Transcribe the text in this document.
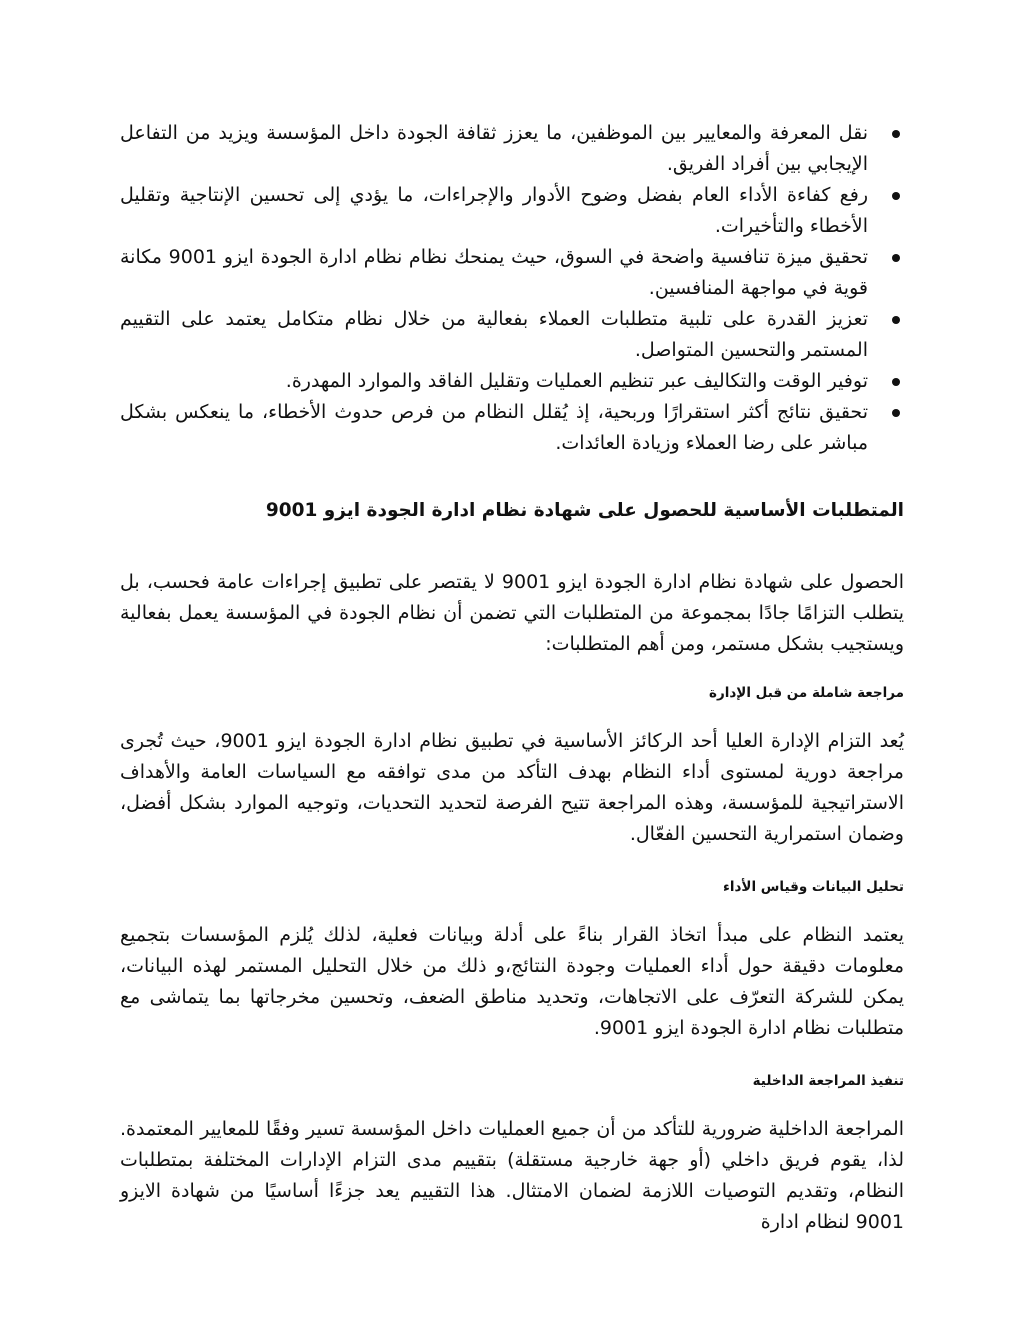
نقل المعرفة والمعايير بين الموظفين، ما يعزز ثقافة الجودة داخل المؤسسة ويزيد من التفاعل الإيجابي بين أفراد الفريق.
رفع كفاءة الأداء العام بفضل وضوح الأدوار والإجراءات، ما يؤدي إلى تحسين الإنتاجية وتقليل الأخطاء والتأخيرات.
تحقيق ميزة تنافسية واضحة في السوق، حيث يمنحك نظام نظام ادارة الجودة ايزو 9001 مكانة قوية في مواجهة المنافسين.
تعزيز القدرة على تلبية متطلبات العملاء بفعالية من خلال نظام متكامل يعتمد على التقييم المستمر والتحسين المتواصل.
توفير الوقت والتكاليف عبر تنظيم العمليات وتقليل الفاقد والموارد المهدرة.
تحقيق نتائج أكثر استقرارًا وربحية، إذ يُقلل النظام من فرص حدوث الأخطاء، ما ينعكس بشكل مباشر على رضا العملاء وزيادة العائدات.
المتطلبات الأساسية للحصول على شهادة نظام ادارة الجودة ايزو 9001

الحصول على شهادة نظام ادارة الجودة ايزو 9001 لا يقتصر على تطبيق إجراءات عامة فحسب، بل يتطلب التزامًا جادًا بمجموعة من المتطلبات التي تضمن أن نظام الجودة في المؤسسة يعمل بفعالية ويستجيب بشكل مستمر، ومن أهم المتطلبات:

مراجعة شاملة من قبل الإدارة

يُعد التزام الإدارة العليا أحد الركائز الأساسية في تطبيق نظام ادارة الجودة ايزو 9001، حيث تُجرى مراجعة دورية لمستوى أداء النظام بهدف التأكد من مدى توافقه مع السياسات العامة والأهداف الاستراتيجية للمؤسسة، وهذه المراجعة تتيح الفرصة لتحديد التحديات، وتوجيه الموارد بشكل أفضل، وضمان استمرارية التحسين الفعّال.

تحليل البيانات وقياس الأداء

يعتمد النظام على مبدأ اتخاذ القرار بناءً على أدلة وبيانات فعلية، لذلك يُلزم المؤسسات بتجميع معلومات دقيقة حول أداء العمليات وجودة النتائج،و ذلك من خلال التحليل المستمر لهذه البيانات، يمكن للشركة التعرّف على الاتجاهات، وتحديد مناطق الضعف، وتحسين مخرجاتها بما يتماشى مع متطلبات نظام ادارة الجودة ايزو 9001.

تنفيذ المراجعة الداخلية

المراجعة الداخلية ضرورية للتأكد من أن جميع العمليات داخل المؤسسة تسير وفقًا للمعايير المعتمدة. لذا، يقوم فريق داخلي (أو جهة خارجية مستقلة) بتقييم مدى التزام الإدارات المختلفة بمتطلبات النظام، وتقديم التوصيات اللازمة لضمان الامتثال. هذا التقييم يعد جزءًا أساسيًا من شهادة الايزو 9001 لنظام ادارة
